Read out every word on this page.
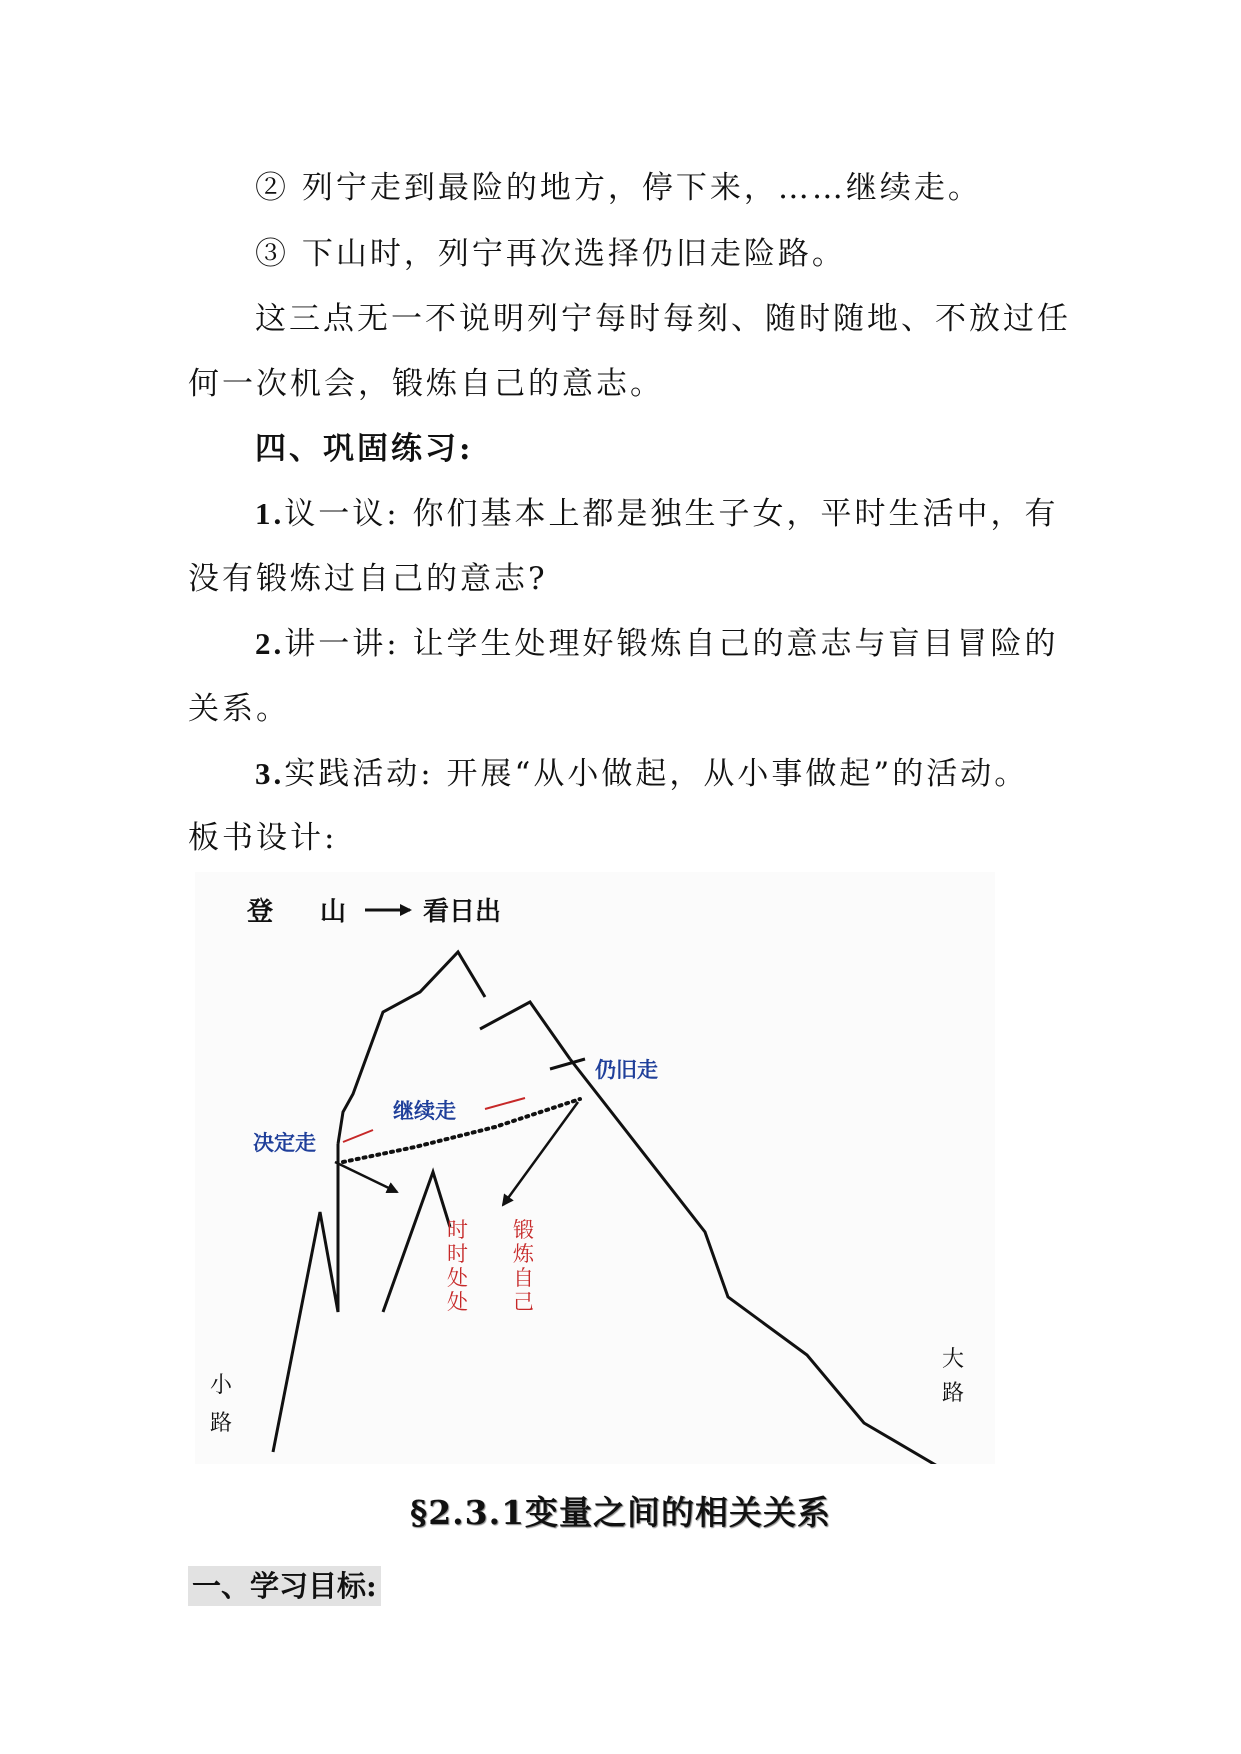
② 列宁走到最险的地方，停下来，……继续走。
③ 下山时，列宁再次选择仍旧走险路。
这三点无一不说明列宁每时每刻、随时随地、不放过任
何一次机会，锻炼自己的意志。
四、巩固练习:
1.议一议: 你们基本上都是独生子女，平时生活中，有
没有锻炼过自己的意志?
2.讲一讲: 让学生处理好锻炼自己的意志与盲目冒险的
关系。
3.实践活动: 开展“从小做起，从小事做起”的活动。
板书设计:
登 山	看日出
决定走
继续走
仍旧走
时
时
处
处
锻
炼
自
己
小
路
大
路
§2.3.1变量之间的相关关系
一、学习目标:
